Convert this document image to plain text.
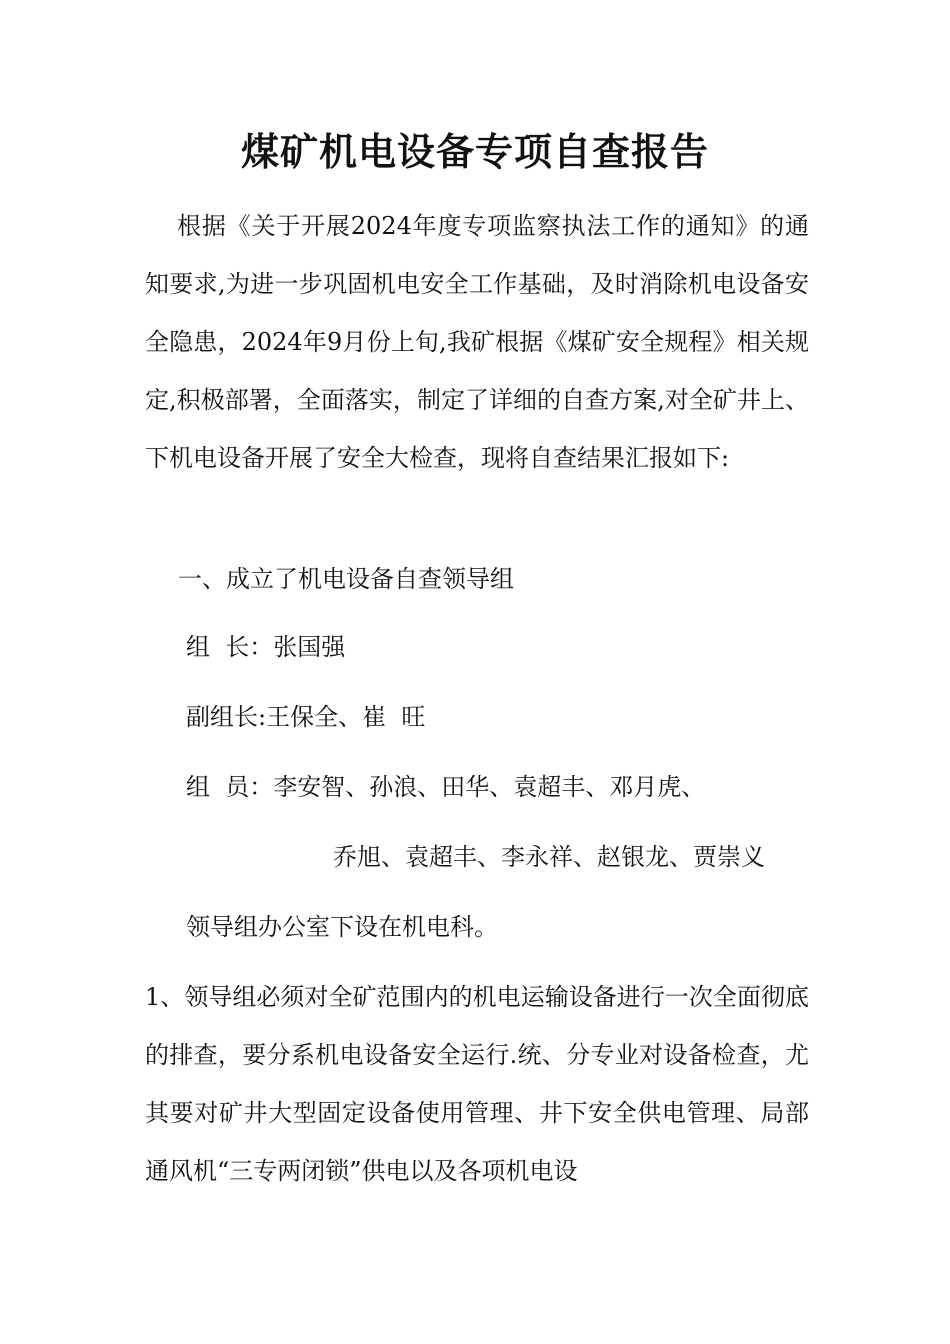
煤矿机电设备专项自查报告

根据《关于开展2024年度专项监察执法工作的通知》的通知要求,为进一步巩固机电安全工作基础，及时消除机电设备安全隐患，2024年9月份上旬,我矿根据《煤矿安全规程》相关规定,积极部署，全面落实，制定了详细的自查方案,对全矿井上、下机电设备开展了安全大检查，现将自查结果汇报如下:

一、成立了机电设备自查领导组

组  长：张国强

副组长:王保全、崔  旺

组  员：李安智、孙浪、田华、袁超丰、邓月虎、

乔旭、袁超丰、李永祥、赵银龙、贾崇义

领导组办公室下设在机电科。

1、领导组必须对全矿范围内的机电运输设备进行一次全面彻底的排查，要分系机电设备安全运行.统、分专业对设备检查，尤其要对矿井大型固定设备使用管理、井下安全供电管理、局部通风机“三专两闭锁”供电以及各项机电设
